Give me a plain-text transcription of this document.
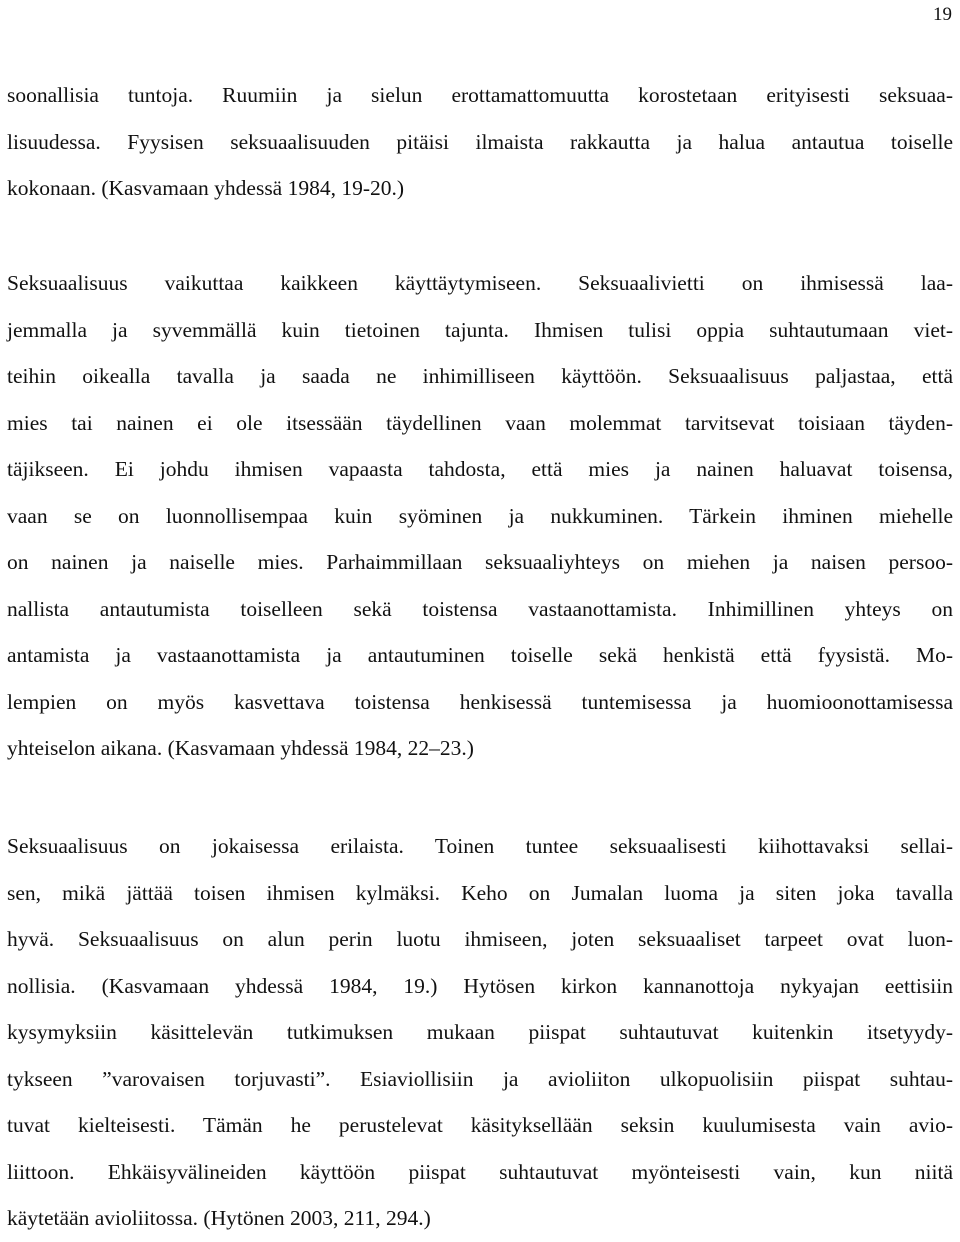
19
soonallisia tuntoja. Ruumiin ja sielun erottamattomuutta korostetaan erityisesti seksuaa-
lisuudessa. Fyysisen seksuaalisuuden pitäisi ilmaista rakkautta ja halua antautua toiselle
kokonaan. (Kasvamaan yhdessä 1984, 19-20.)
Seksuaalisuus vaikuttaa kaikkeen käyttäytymiseen. Seksuaalivietti on ihmisessä laa-
jemmalla ja syvemmällä kuin tietoinen tajunta. Ihmisen tulisi oppia suhtautumaan viet-
teihin oikealla tavalla ja saada ne inhimilliseen käyttöön. Seksuaalisuus paljastaa, että
mies tai nainen ei ole itsessään täydellinen vaan molemmat tarvitsevat toisiaan täyden-
täjikseen. Ei johdu ihmisen vapaasta tahdosta, että mies ja nainen haluavat toisensa,
vaan se on luonnollisempaa kuin syöminen ja nukkuminen. Tärkein ihminen miehelle
on nainen ja naiselle mies. Parhaimmillaan seksuaaliyhteys on miehen ja naisen persoo-
nallista antautumista toiselleen sekä toistensa vastaanottamista. Inhimillinen yhteys on
antamista ja vastaanottamista ja antautuminen toiselle sekä henkistä että fyysistä. Mo-
lempien on myös kasvettava toistensa henkisessä tuntemisessa ja huomioonottamisessa
yhteiselon aikana. (Kasvamaan yhdessä 1984, 22–23.)
Seksuaalisuus on jokaisessa erilaista. Toinen tuntee seksuaalisesti kiihottavaksi sellai-
sen, mikä jättää toisen ihmisen kylmäksi. Keho on Jumalan luoma ja siten joka tavalla
hyvä. Seksuaalisuus on alun perin luotu ihmiseen, joten seksuaaliset tarpeet ovat luon-
nollisia. (Kasvamaan yhdessä 1984, 19.) Hytösen kirkon kannanottoja nykyajan eettisiin
kysymyksiin käsittelevän tutkimuksen mukaan piispat suhtautuvat kuitenkin itsetyydy-
tykseen ”varovaisen torjuvasti”. Esiaviollisiin ja avioliiton ulkopuolisiin piispat suhtau-
tuvat kielteisesti. Tämän he perustelevat käsityksellään seksin kuulumisesta vain avio-
liittoon. Ehkäisyvälineiden käyttöön piispat suhtautuvat myönteisesti vain, kun niitä
käytetään avioliitossa. (Hytönen 2003, 211, 294.)
